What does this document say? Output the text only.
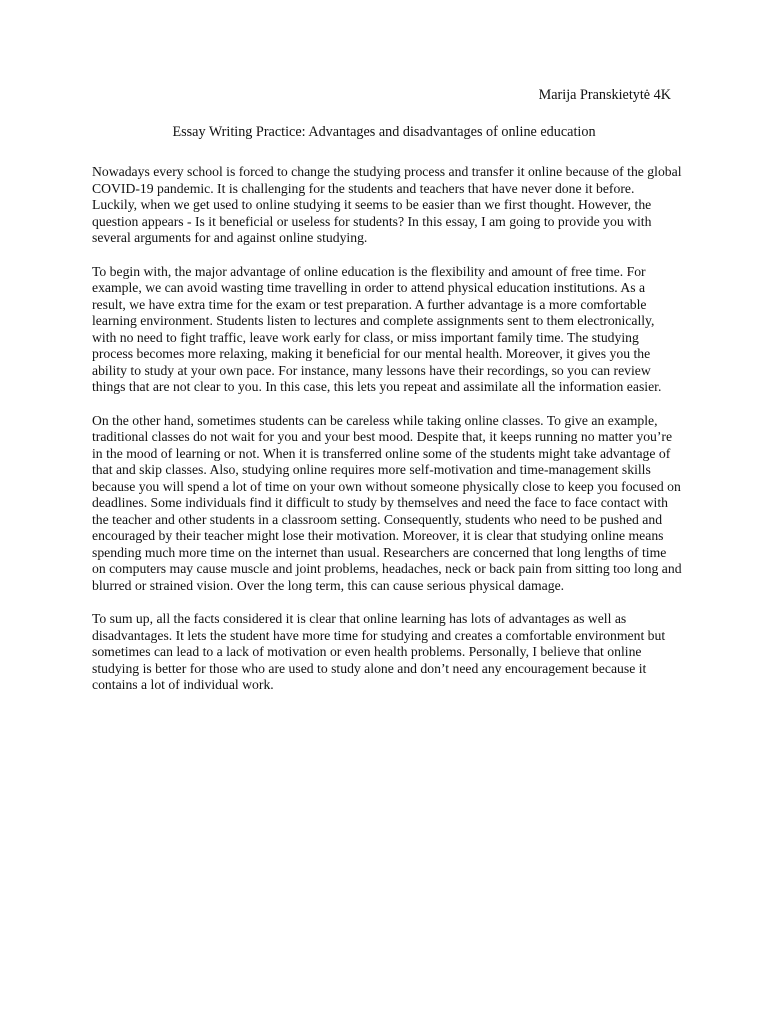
Marija Pranskietytė 4K
Essay Writing Practice: Advantages and disadvantages of online education

Nowadays every school is forced to change the studying process and transfer it online because of the global COVID-19 pandemic. It is challenging for the students and teachers that have never done it before. Luckily, when we get used to online studying it seems to be easier than we first thought. However, the question appears - Is it beneficial or useless for students? In this essay, I am going to provide you with several arguments for and against online studying.

To begin with, the major advantage of online education is the flexibility and amount of free time. For example, we can avoid wasting time travelling in order to attend physical education institutions. As a result, we have extra time for the exam or test preparation. A further advantage is a more comfortable learning environment. Students listen to lectures and complete assignments sent to them electronically, with no need to fight traffic, leave work early for class, or miss important family time. The studying process becomes more relaxing, making it beneficial for our mental health. Moreover, it gives you the ability to study at your own pace. For instance, many lessons have their recordings, so you can review things that are not clear to you. In this case, this lets you repeat and assimilate all the information easier.

On the other hand, sometimes students can be careless while taking online classes. To give an example, traditional classes do not wait for you and your best mood. Despite that, it keeps running no matter you’re in the mood of learning or not. When it is transferred online some of the students might take advantage of that and skip classes. Also, studying online requires more self-motivation and time-management skills because you will spend a lot of time on your own without someone physically close to keep you focused on deadlines. Some individuals find it difficult to study by themselves and need the face to face contact with the teacher and other students in a classroom setting. Consequently, students who need to be pushed and encouraged by their teacher might lose their motivation. Moreover, it is clear that studying online means spending much more time on the internet than usual. Researchers are concerned that long lengths of time on computers may cause muscle and joint problems, headaches, neck or back pain from sitting too long and blurred or strained vision. Over the long term, this can cause serious physical damage.

To sum up, all the facts considered it is clear that online learning has lots of advantages as well as disadvantages. It lets the student have more time for studying and creates a comfortable environment but sometimes can lead to a lack of motivation or even health problems. Personally, I believe that online studying is better for those who are used to study alone and don’t need any encouragement because it contains a lot of individual work.
